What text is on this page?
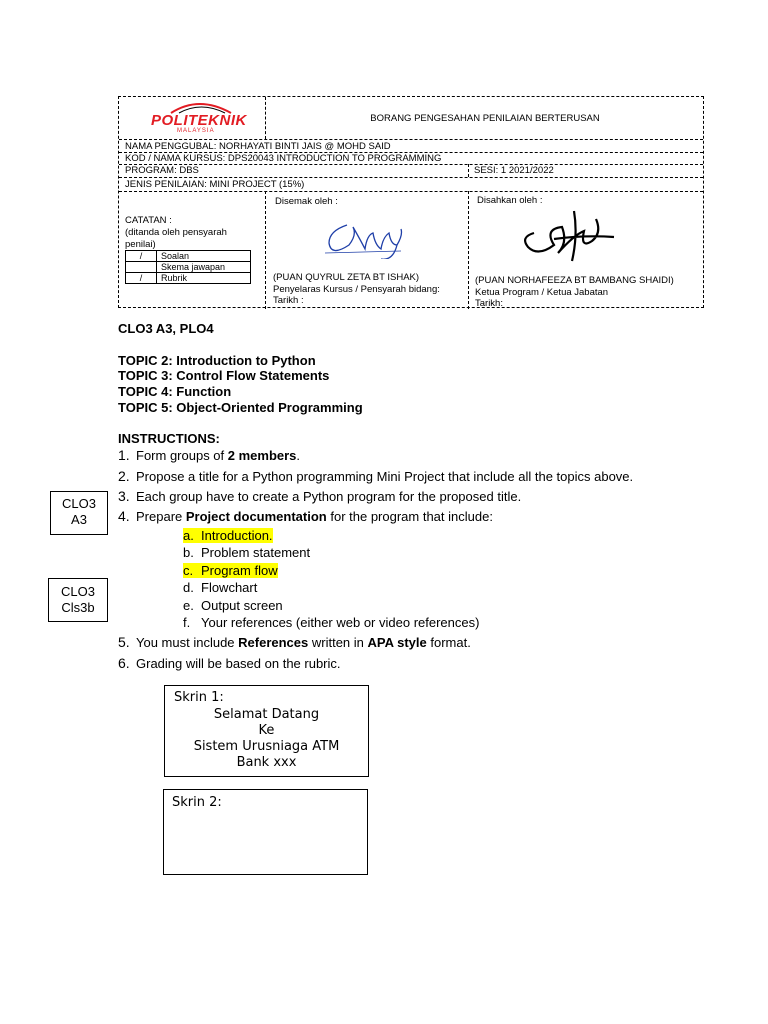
POLITEKNIK
MALAYSIA
BORANG PENGESAHAN PENILAIAN BERTERUSAN
NAMA PENGGUBAL: NORHAYATI BINTI JAIS @ MOHD SAID
KOD / NAMA KURSUS: DPS20043 INTRODUCTION TO PROGRAMMING
PROGRAM: DBS	SESI: 1 2021/2022
JENIS PENILAIAN: MINI PROJECT (15%)
CATATAN :
(ditanda oleh pensyarah
penilai)
/	Soalan
	Skema jawapan
/	Rubrik
Disemak oleh :
(PUAN QUYRUL ZETA BT ISHAK)
Penyelaras Kursus / Pensyarah bidang:
Tarikh :
Disahkan oleh :
(PUAN NORHAFEEZA BT BAMBANG SHAIDI)
Ketua Program / Ketua Jabatan
Tarikh:
CLO3 A3, PLO4
TOPIC 2: Introduction to Python
TOPIC 3: Control Flow Statements
TOPIC 4: Function
TOPIC 5: Object-Oriented Programming
INSTRUCTIONS:
1. Form groups of 2 members.
2. Propose a title for a Python programming Mini Project that include all the topics above.
3. Each group have to create a Python program for the proposed title.
4. Prepare Project documentation for the program that include:
a. Introduction.
b. Problem statement
c. Program flow
d. Flowchart
e. Output screen
f. Your references (either web or video references)
5. You must include References written in APA style format.
6. Grading will be based on the rubric.
CLO3
A3
CLO3
Cls3b
Skrin 1:
Selamat Datang
Ke
Sistem Urusniaga ATM
Bank xxx
Skrin 2:
